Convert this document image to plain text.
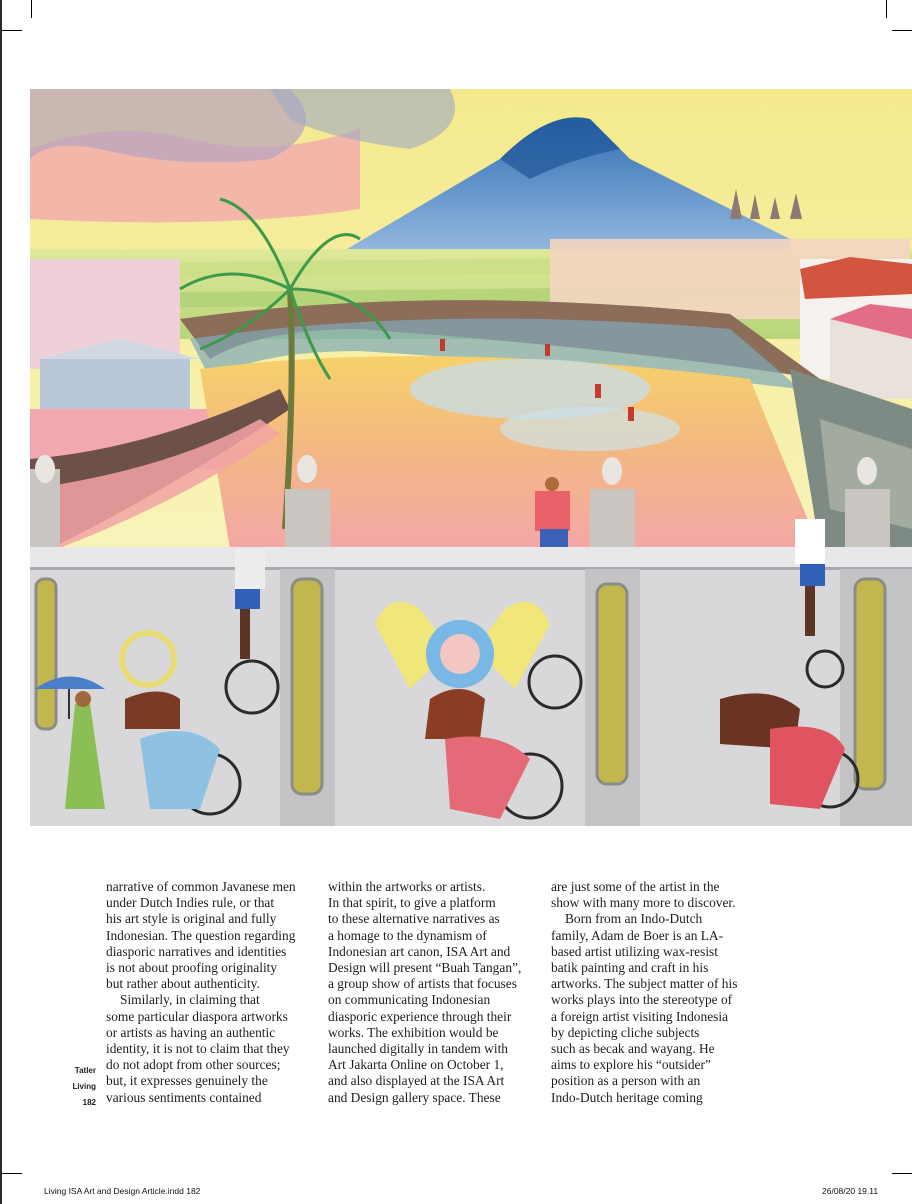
narrative of common Javanese men
under Dutch Indies rule, or that
his art style is original and fully
Indonesian. The question regarding
diasporic narratives and identities
is not about proofing originality
but rather about authenticity.

Similarly, in claiming that
some particular diaspora artworks
or artists as having an authentic
identity, it is not to claim that they
do not adopt from other sources;
but, it expresses genuinely the
various sentiments contained

within the artworks or artists.

In that spirit, to give a platform
to these alternative narratives as
a homage to the dynamism of
Indonesian art canon, ISA Art and
Design will present “Buah Tangan”,
a group show of artists that focuses
on communicating Indonesian
diasporic experience through their
works. The exhibition would be
launched digitally in tandem with
Art Jakarta Online on October 1,
and also displayed at the ISA Art
and Design gallery space. These

are just some of the artist in the
show with many more to discover.

Born from an Indo-Dutch
family, Adam de Boer is an LA-
based artist utilizing wax-resist
batik painting and craft in his
artworks. The subject matter of his
works plays into the stereotype of
a foreign artist visiting Indonesia
by depicting cliche subjects
such as becak and wayang. He
aims to explore his “outsider”
position as a person with an
Indo-Dutch heritage coming

Tatler
Living
182
Living ISA Art and Design Article.indd 182	26/08/20 19.11
